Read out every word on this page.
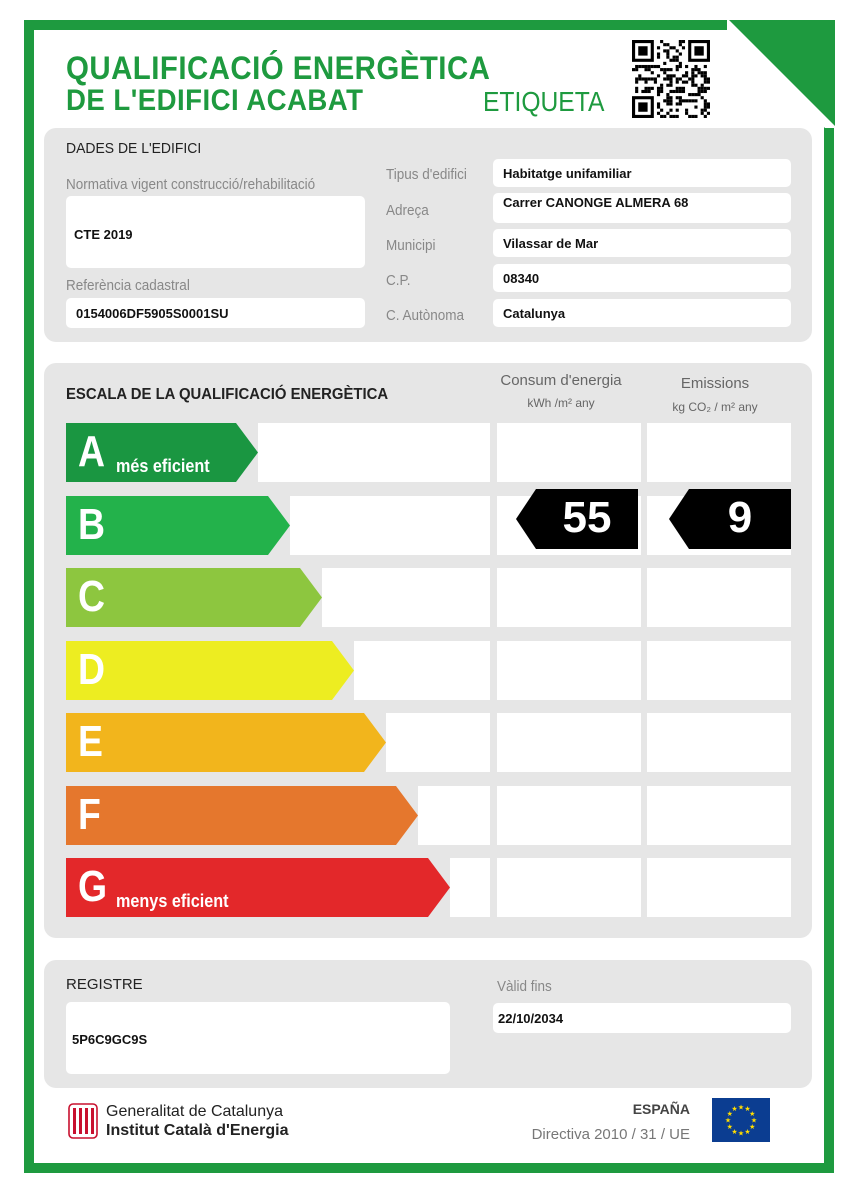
QUALIFICACIÓ ENERGÈTICA
DE L'EDIFICI ACABAT	ETIQUETA
DADES DE L'EDIFICI
Normativa vigent construcció/rehabilitació
CTE 2019
Referència cadastral
0154006DF5905S0001SU
Tipus d'edifici	Habitatge unifamiliar
Adreça	Carrer CANONGE ALMERA 68
Municipi	Vilassar de Mar
C.P.	08340
C. Autònoma	Catalunya
ESCALA DE LA QUALIFICACIÓ ENERGÈTICA
Consum d'energia
kWh /m² any
Emissions
kg CO₂ / m² any
A més eficient
B
C
D
E
F
G menys eficient
55	9
REGISTRE
5P6C9GC9S
Vàlid fins
22/10/2034
Generalitat de Catalunya
Institut Català d'Energia
ESPAÑA
Directiva 2010 / 31 / UE
★
★
★
★
★
★
★
★
★ ★ ★
★
